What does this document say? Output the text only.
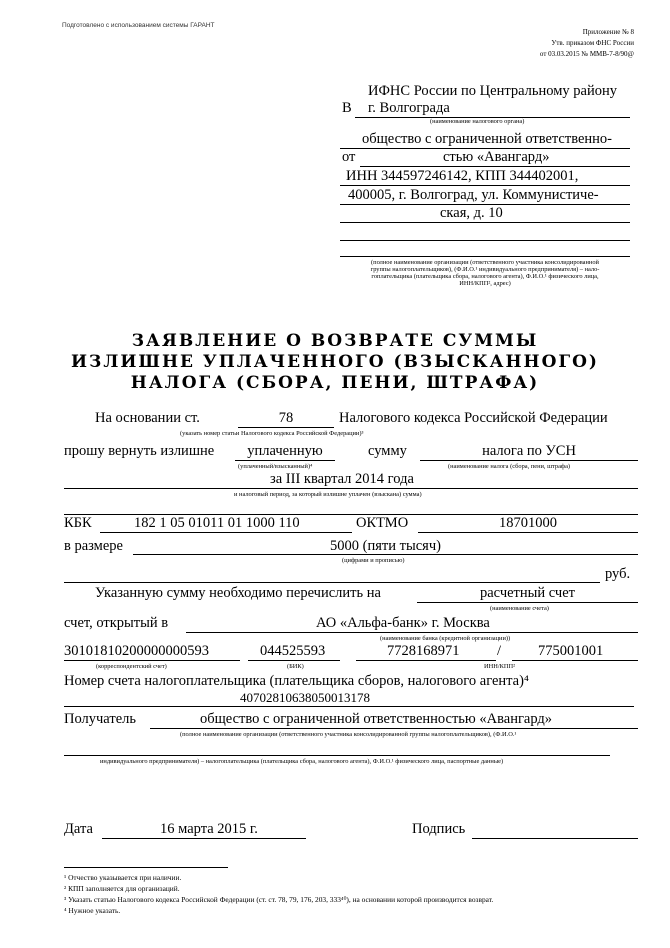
Подготовлено с использованием системы ГАРАНТ
Приложение № 8
Утв. приказом ФНС России
от 03.03.2015 № ММВ-7-8/90@
ИФНС России по Центральному району
В г. Волгограда
(наименование налогового органа)
общество с ограниченной ответственно-
от	стью «Авангард»
ИНН 344597246142, КПП 344402001,
400005, г. Волгоград, ул. Коммунистиче-
ская, д. 10
(полное наименование организации (ответственного участника консолидированной
группы налогоплательщиков), (Ф.И.О.¹ индивидуального предпринимателя) – нало-
гоплательщика (плательщика сбора, налогового агента), Ф.И.О.¹ физического лица,
ИНН/КПП², адрес)
ЗАЯВЛЕНИЕ О ВОЗВРАТЕ СУММЫ
ИЗЛИШНЕ УПЛАЧЕННОГО (ВЗЫСКАННОГО)
НАЛОГА (СБОРА, ПЕНИ, ШТРАФА)
На основании ст.	78	Налогового кодекса Российской Федерации
(указать номер статьи Налогового кодекса Российской Федерации)³
прошу вернуть излишне	уплаченную	сумму	налога по УСН
(уплаченный/взысканный)⁴	(наименование налога (сбора, пени, штрафа)
за III квартал 2014 года
и налоговый период, за который излишне уплачен (взыскана) сумма)
КБК	182 1 05 01011 01 1000 110	ОКТМО	18701000
в размере	5000 (пяти тысяч)
(цифрами и прописью)
руб.
Указанную сумму необходимо перечислить на	расчетный счет
(наименование счета)
счет, открытый в	АО «Альфа-банк» г. Москва
(наименование банка (кредитной организации))
30101810200000000593	044525593	7728168971	/	775001001
(корреспондентский счет)	(БИК)	ИНН/КПП²
Номер счета налогоплательщика (плательщика сборов, налогового агента)⁴
40702810638050013178
Получатель	общество с ограниченной ответственностью «Авангард»
(полное наименование организации (ответственного участника консолидированной группы налогоплательщиков), (Ф.И.О.¹
индивидуального предпринимателя) – налогоплательщика (плательщика сбора, налогового агента), Ф.И.О.¹ физического лица, паспортные данные)
Дата	16 марта 2015 г.	Подпись
¹ Отчество указывается при наличии.
² КПП заполняется для организаций.
³ Указать статью Налогового кодекса Российской Федерации (ст. ст. 78, 79, 176, 203, 333⁴⁰), на основании которой производится возврат.
⁴ Нужное указать.
